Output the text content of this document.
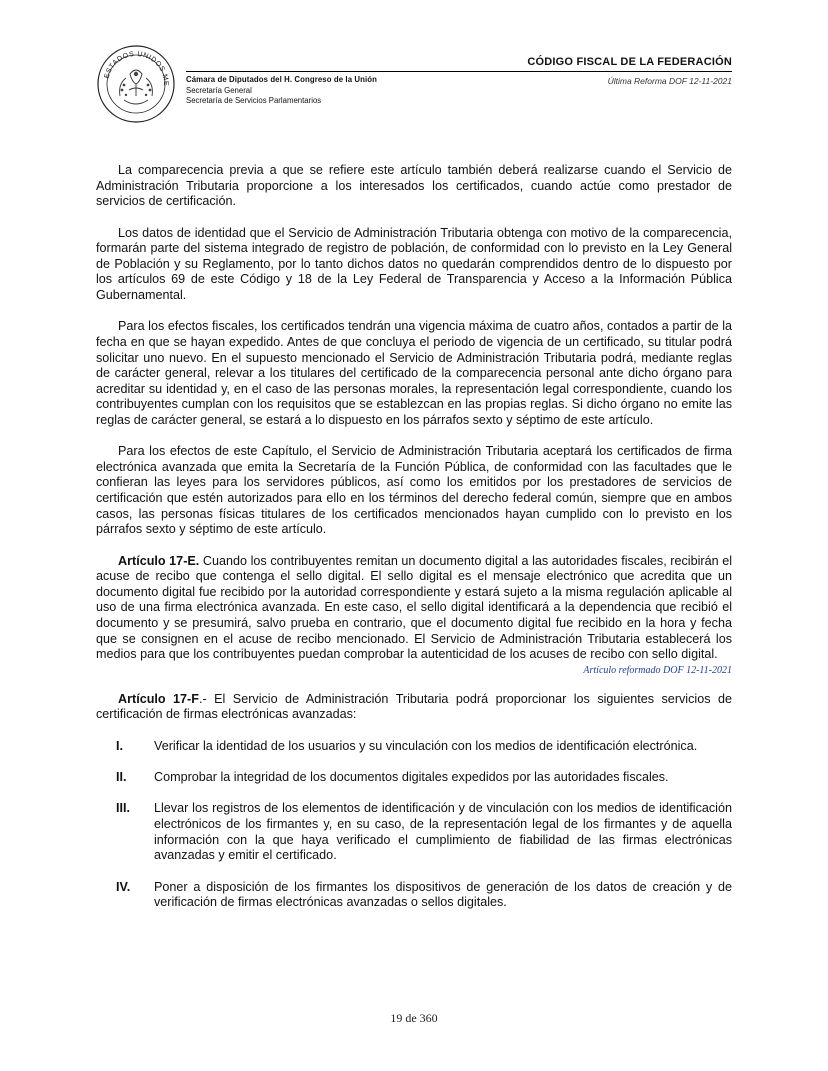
ESTADOS UNIDOS ME
CÓDIGO FISCAL DE LA FEDERACIÓN
Última Reforma DOF 12-11-2021
Cámara de Diputados del H. Congreso de la Unión
Secretaría General
Secretaría de Servicios Parlamentarios

La comparecencia previa a que se refiere este artículo también deberá realizarse cuando el Servicio de Administración Tributaria proporcione a los interesados los certificados, cuando actúe como prestador de servicios de certificación.

Los datos de identidad que el Servicio de Administración Tributaria obtenga con motivo de la comparecencia, formarán parte del sistema integrado de registro de población, de conformidad con lo previsto en la Ley General de Población y su Reglamento, por lo tanto dichos datos no quedarán comprendidos dentro de lo dispuesto por los artículos 69 de este Código y 18 de la Ley Federal de Transparencia y Acceso a la Información Pública Gubernamental.

Para los efectos fiscales, los certificados tendrán una vigencia máxima de cuatro años, contados a partir de la fecha en que se hayan expedido. Antes de que concluya el periodo de vigencia de un certificado, su titular podrá solicitar uno nuevo. En el supuesto mencionado el Servicio de Administración Tributaria podrá, mediante reglas de carácter general, relevar a los titulares del certificado de la comparecencia personal ante dicho órgano para acreditar su identidad y, en el caso de las personas morales, la representación legal correspondiente, cuando los contribuyentes cumplan con los requisitos que se establezcan en las propias reglas. Si dicho órgano no emite las reglas de carácter general, se estará a lo dispuesto en los párrafos sexto y séptimo de este artículo.

Para los efectos de este Capítulo, el Servicio de Administración Tributaria aceptará los certificados de firma electrónica avanzada que emita la Secretaría de la Función Pública, de conformidad con las facultades que le confieran las leyes para los servidores públicos, así como los emitidos por los prestadores de servicios de certificación que estén autorizados para ello en los términos del derecho federal común, siempre que en ambos casos, las personas físicas titulares de los certificados mencionados hayan cumplido con lo previsto en los párrafos sexto y séptimo de este artículo.

Artículo 17-E. Cuando los contribuyentes remitan un documento digital a las autoridades fiscales, recibirán el acuse de recibo que contenga el sello digital. El sello digital es el mensaje electrónico que acredita que un documento digital fue recibido por la autoridad correspondiente y estará sujeto a la misma regulación aplicable al uso de una firma electrónica avanzada. En este caso, el sello digital identificará a la dependencia que recibió el documento y se presumirá, salvo prueba en contrario, que el documento digital fue recibido en la hora y fecha que se consignen en el acuse de recibo mencionado. El Servicio de Administración Tributaria establecerá los medios para que los contribuyentes puedan comprobar la autenticidad de los acuses de recibo con sello digital.

Artículo reformado DOF 12-11-2021

Artículo 17-F.- El Servicio de Administración Tributaria podrá proporcionar los siguientes servicios de certificación de firmas electrónicas avanzadas:

I.	Verificar la identidad de los usuarios y su vinculación con los medios de identificación electrónica.
II.	Comprobar la integridad de los documentos digitales expedidos por las autoridades fiscales.
III.	Llevar los registros de los elementos de identificación y de vinculación con los medios de identificación electrónicos de los firmantes y, en su caso, de la representación legal de los firmantes y de aquella información con la que haya verificado el cumplimiento de fiabilidad de las firmas electrónicas avanzadas y emitir el certificado.
IV.	Poner a disposición de los firmantes los dispositivos de generación de los datos de creación y de verificación de firmas electrónicas avanzadas o sellos digitales.
19 de 360
